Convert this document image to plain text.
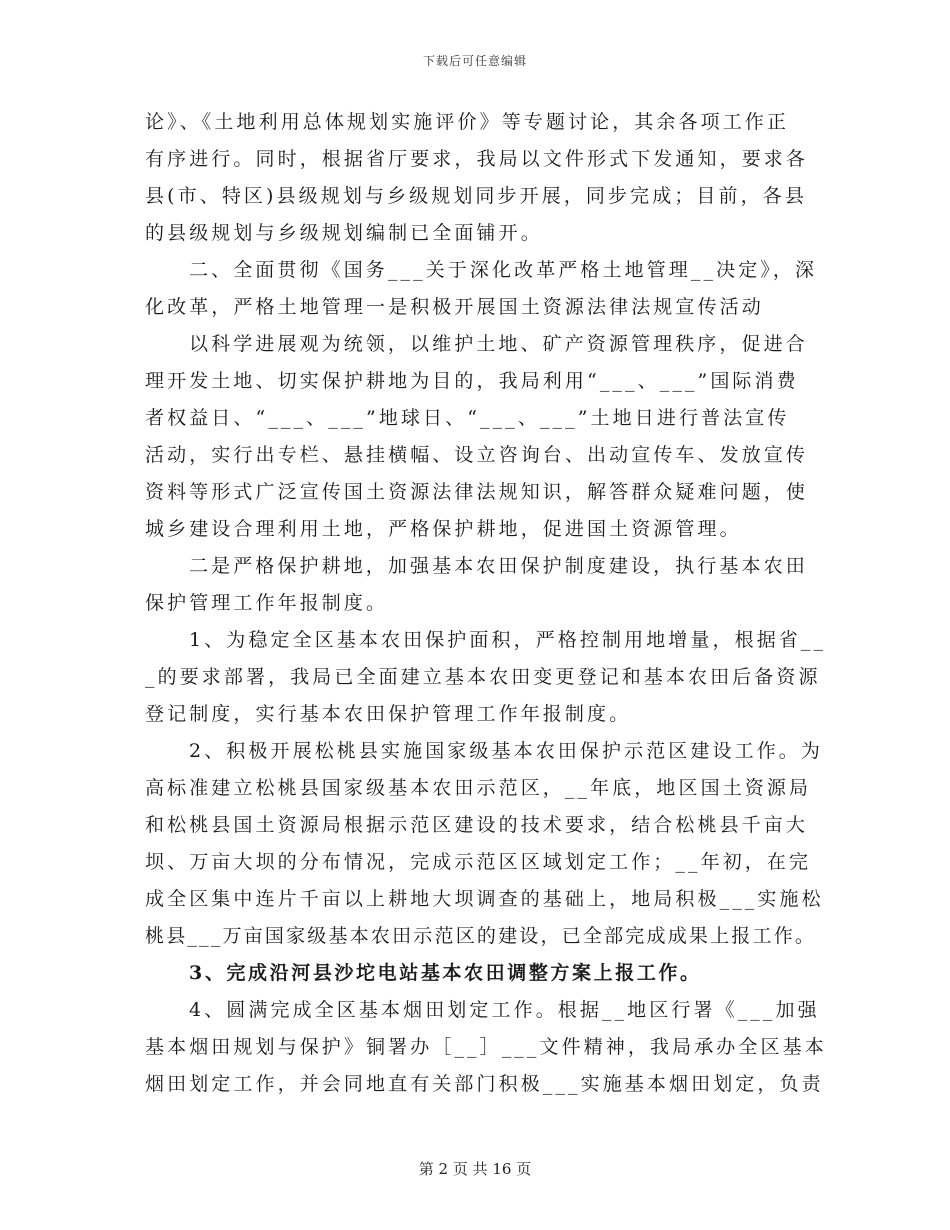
下载后可任意编辑
论》、《土地利用总体规划实施评价》等专题讨论，其余各项工作正
有序进行。同时，根据省厅要求，我局以文件形式下发通知，要求各
县(市、特区)县级规划与乡级规划同步开展，同步完成；目前，各县
的县级规划与乡级规划编制已全面铺开。
二、全面贯彻《国务___关于深化改革严格土地管理__决定》，深
化改革，严格土地管理一是积极开展国土资源法律法规宣传活动
以科学进展观为统领，以维护土地、矿产资源管理秩序，促进合
理开发土地、切实保护耕地为目的，我局利用“___、___”国际消费
者权益日、“___、___”地球日、“___、___”土地日进行普法宣传
活动，实行出专栏、悬挂横幅、设立咨询台、出动宣传车、发放宣传
资料等形式广泛宣传国土资源法律法规知识，解答群众疑难问题，使
城乡建设合理利用土地，严格保护耕地，促进国土资源管理。
二是严格保护耕地，加强基本农田保护制度建设，执行基本农田
保护管理工作年报制度。
1、为稳定全区基本农田保护面积，严格控制用地增量，根据省__
_的要求部署，我局已全面建立基本农田变更登记和基本农田后备资源
登记制度，实行基本农田保护管理工作年报制度。
2、积极开展松桃县实施国家级基本农田保护示范区建设工作。为
高标准建立松桃县国家级基本农田示范区，__年底，地区国土资源局
和松桃县国土资源局根据示范区建设的技术要求，结合松桃县千亩大
坝、万亩大坝的分布情况，完成示范区区域划定工作；__年初，在完
成全区集中连片千亩以上耕地大坝调查的基础上，地局积极___实施松
桃县___万亩国家级基本农田示范区的建设，已全部完成成果上报工作。
3、完成沿河县沙坨电站基本农田调整方案上报工作。
4、圆满完成全区基本烟田划定工作。根据__地区行署《___加强
基本烟田规划与保护》铜署办［__］___文件精神，我局承办全区基本
烟田划定工作，并会同地直有关部门积极___实施基本烟田划定，负责
第 2 页 共 16 页
